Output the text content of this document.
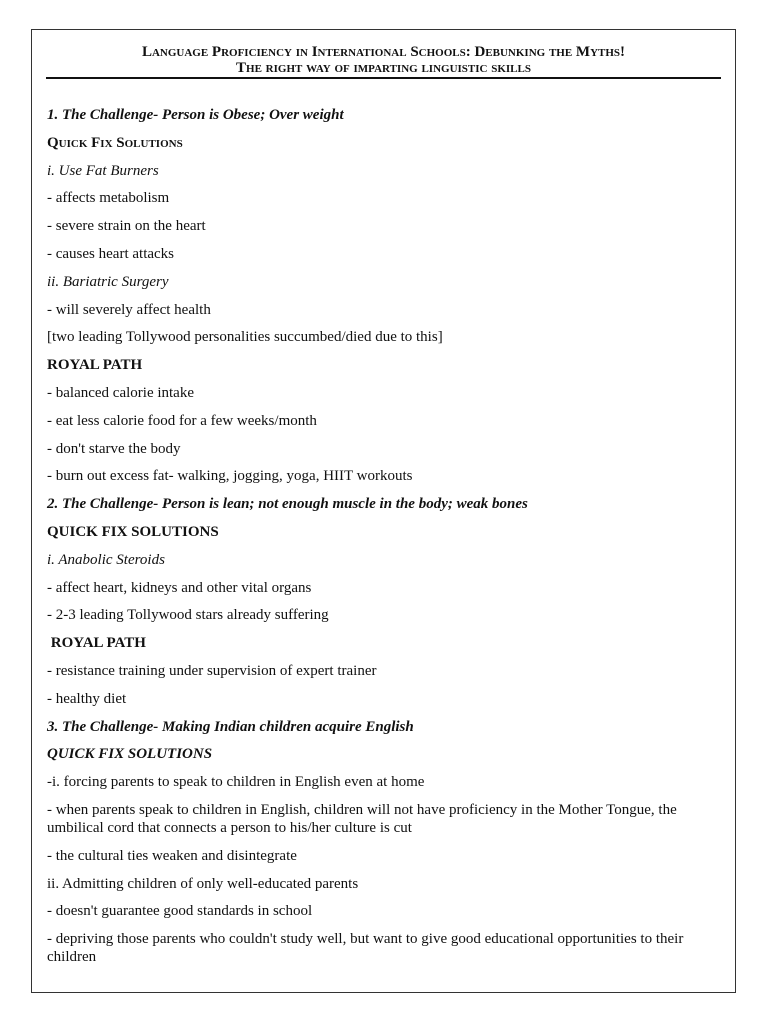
Language Proficiency in International Schools: Debunking the Myths!
The right way of imparting linguistic skills

1. The Challenge- Person is Obese; Over weight

Quick Fix Solutions

i. Use Fat Burners

- affects metabolism

- severe strain on the heart

- causes heart attacks

ii. Bariatric Surgery

- will severely affect health

[two leading Tollywood personalities succumbed/died due to this]

ROYAL PATH

- balanced calorie intake

- eat less calorie food for a few weeks/month

- don't starve the body

- burn out excess fat- walking, jogging, yoga, HIIT workouts

2. The Challenge- Person is lean; not enough muscle in the body; weak bones

QUICK FIX SOLUTIONS

i. Anabolic Steroids

- affect heart, kidneys and other vital organs

- 2-3 leading Tollywood stars already suffering

ROYAL PATH

- resistance training under supervision of expert trainer

- healthy diet

3. The Challenge- Making Indian children acquire English

QUICK FIX SOLUTIONS

-i. forcing parents to speak to children in English even at home

- when parents speak to children in English, children will not have proficiency in the Mother Tongue, the umbilical cord that connects a person to his/her culture is cut

- the cultural ties weaken and disintegrate

ii. Admitting children of only well-educated parents

- doesn't guarantee good standards in school

- depriving those parents who couldn't study well, but want to give good educational opportunities to their children
